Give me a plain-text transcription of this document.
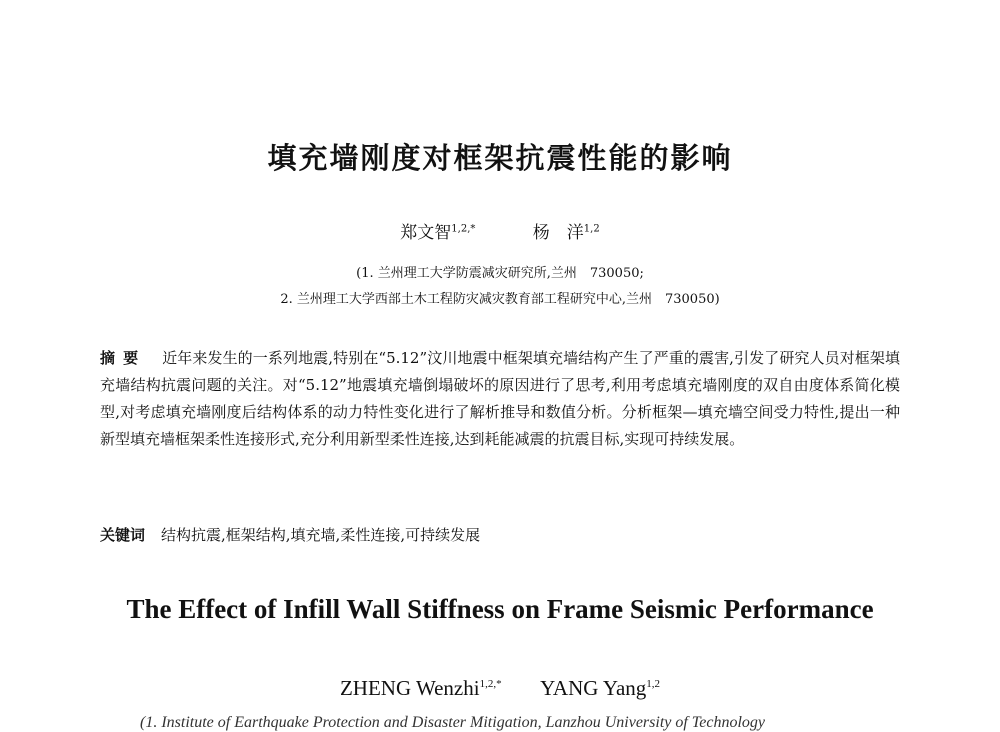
填充墙刚度对框架抗震性能的影响
郑文智$^{1,2,*}$	杨　洋$^{1,2}$
(1. 兰州理工大学防震减灾研究所,兰州　730050;
2. 兰州理工大学西部土木工程防灾减灾教育部工程研究中心,兰州　730050)
摘要 近年来发生的一系列地震,特别在“5.12”汶川地震中框架填充墙结构产生了严重的震害,引发了研究人员对框架填充墙结构抗震问题的关注。对“5.12”地震填充墙倒塌破坏的原因进行了思考,利用考虑填充墙刚度的双自由度体系简化模型,对考虑填充墙刚度后结构体系的动力特性变化进行了解析推导和数值分析。分析框架—填充墙空间受力特性,提出一种新型填充墙框架柔性连接形式,充分利用新型柔性连接,达到耗能减震的抗震目标,实现可持续发展。
关键词 结构抗震,框架结构,填充墙,柔性连接,可持续发展
The Effect of Infill Wall Stiffness on Frame Seismic Performance
ZHENG Wenzhi$^{1,2,*}$ YANG Yang$^{1,2}$
(1. Institute of Earthquake Protection and Disaster Mitigation, Lanzhou University of Technology
